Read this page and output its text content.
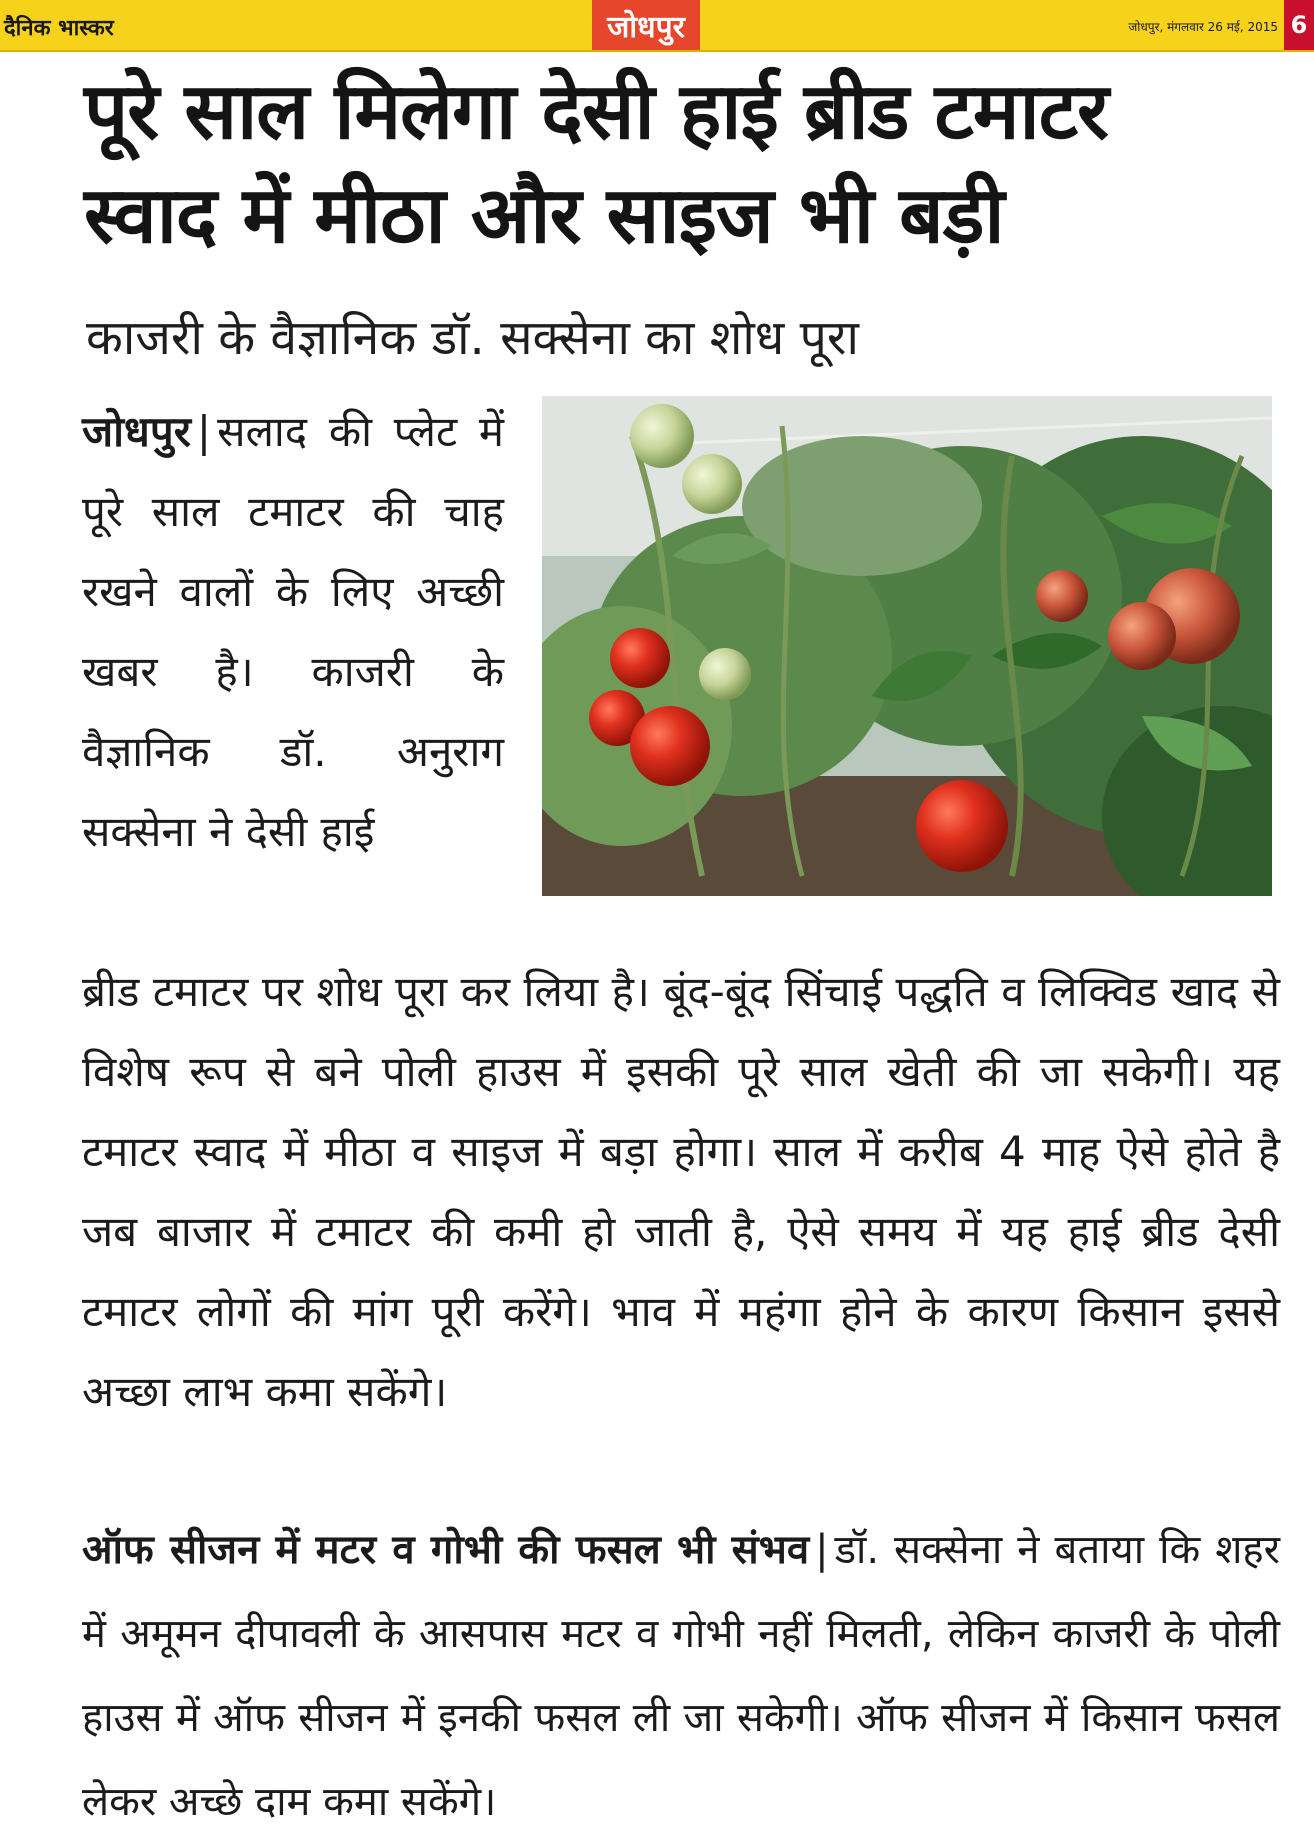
दैनिक भास्कर	जोधपुर	जोधपुर, मंगलवार 26 मई, 2015 6
पूरे साल मिलेगा देसी हाई ब्रीड टमाटर
स्वाद में मीठा और साइज भी बड़ी
काजरी के वैज्ञानिक डॉ. सक्सेना का शोध पूरा

जोधपुर | सलाद की प्लेट में पूरे साल टमाटर की चाह रखने वालों के लिए अच्छी खबर है। काजरी के वैज्ञानिक डॉ. अनुराग सक्सेना ने देसी हाई

ब्रीड टमाटर पर शोध पूरा कर लिया है। बूंद-बूंद सिंचाई पद्धति व लिक्विड खाद से विशेष रूप से बने पोली हाउस में इसकी पूरे साल खेती की जा सकेगी। यह टमाटर स्वाद में मीठा व साइज में बड़ा होगा। साल में करीब 4 माह ऐसे होते है जब बाजार में टमाटर की कमी हो जाती है, ऐसे समय में यह हाई ब्रीड देसी टमाटर लोगों की मांग पूरी करेंगे। भाव में महंगा होने के कारण किसान इससे अच्छा लाभ कमा सकेंगे।

ऑफ सीजन में मटर व गोभी की फसल भी संभव | डॉ. सक्सेना ने बताया कि शहर में अमूमन दीपावली के आसपास मटर व गोभी नहीं मिलती, लेकिन काजरी के पोली हाउस में ऑफ सीजन में इनकी फसल ली जा सकेगी। ऑफ सीजन में किसान फसल लेकर अच्छे दाम कमा सकेंगे।
